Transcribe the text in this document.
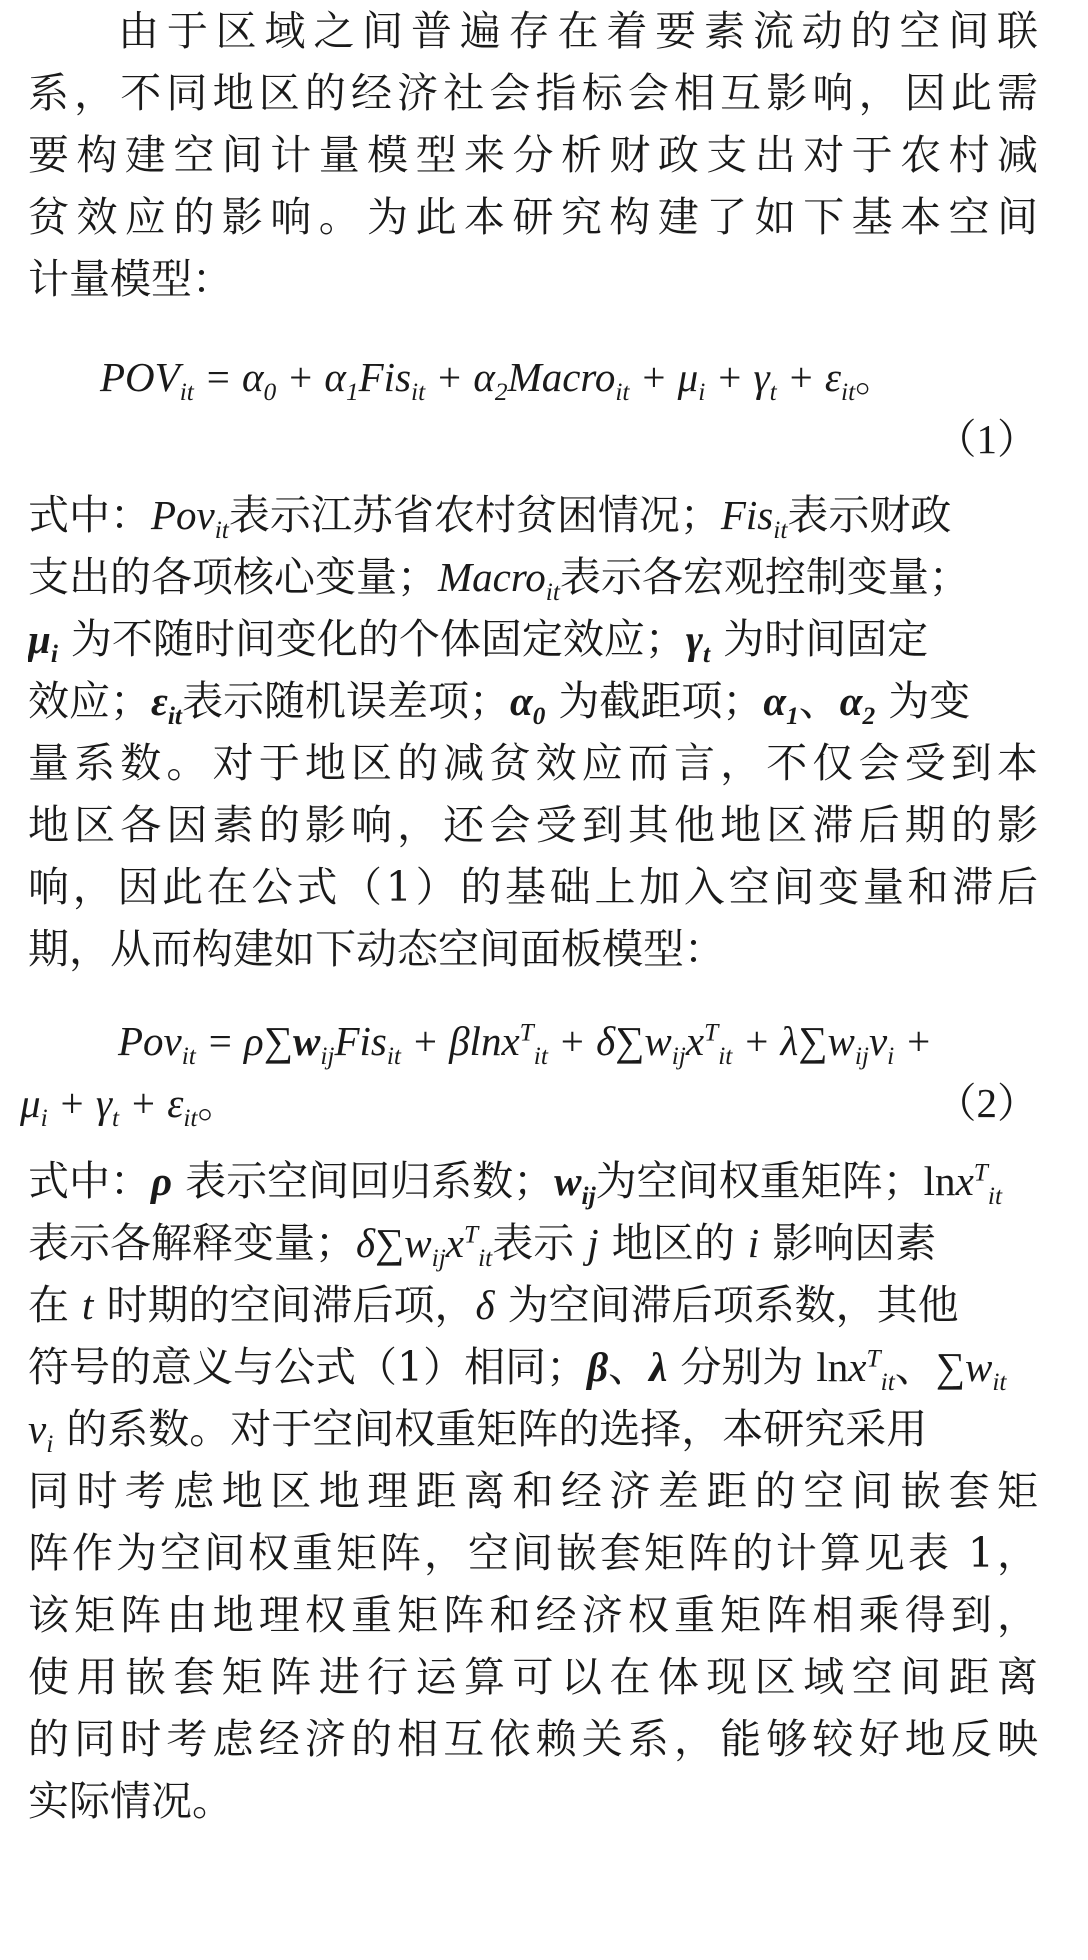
由于区域之间普遍存在着要素流动的空间联
系，不同地区的经济社会指标会相互影响，因此需
要构建空间计量模型来分析财政支出对于农村减
贫效应的影响。为此本研究构建了如下基本空间
计量模型：
$POV_{it} = \alpha_0 + \alpha_1Fis_{it}$ + $\alpha_2Macro_{it} + \mu_i + \gamma_t + \varepsilon_{it}$。
（1）
式中：Pov$_{it}$表示江苏省农村贫困情况；Fis$_{it}$表示财政
支出的各项核心变量；Macro$_{it}$表示各宏观控制变量；
$\mu_i$ 为不随时间变化的个体固定效应；$\gamma_t$ 为时间固定
效应；$\varepsilon_{it}$表示随机误差项；$\alpha_0$ 为截距项；$\alpha_1$、$\alpha_2$ 为变
量系数。对于地区的减贫效应而言，不仅会受到本
地区各因素的影响，还会受到其他地区滞后期的影
响，因此在公式（1）的基础上加入空间变量和滞后
期，从而构建如下动态空间面板模型：
$Pov_{it} = \rho\sum w_{ij}Fis_{it} + \beta\ln x^T_{it} + \delta\sum w_{ij}x^T_{it} + \lambda\sum w_{ij}v_i$ +
$\mu_i + \gamma_t + \varepsilon_{it}$。	（2）
式中：ρ 表示空间回归系数；$w_{ij}$为空间权重矩阵；lnx$^T_{it}$
表示各解释变量；$\delta\sum w_{ij}x^T_{it}$表示 j 地区的 i 影响因素
在 t 时期的空间滞后项，δ 为空间滞后项系数，其他
符号的意义与公式（1）相同；β、λ 分别为 lnx$^T_{it}$、$\sum w_{it}$
$v_i$ 的系数。对于空间权重矩阵的选择，本研究采用
同时考虑地区地理距离和经济差距的空间嵌套矩
阵作为空间权重矩阵，空间嵌套矩阵的计算见表 1，
该矩阵由地理权重矩阵和经济权重矩阵相乘得到，
使用嵌套矩阵进行运算可以在体现区域空间距离
的同时考虑经济的相互依赖关系，能够较好地反映
实际情况。
